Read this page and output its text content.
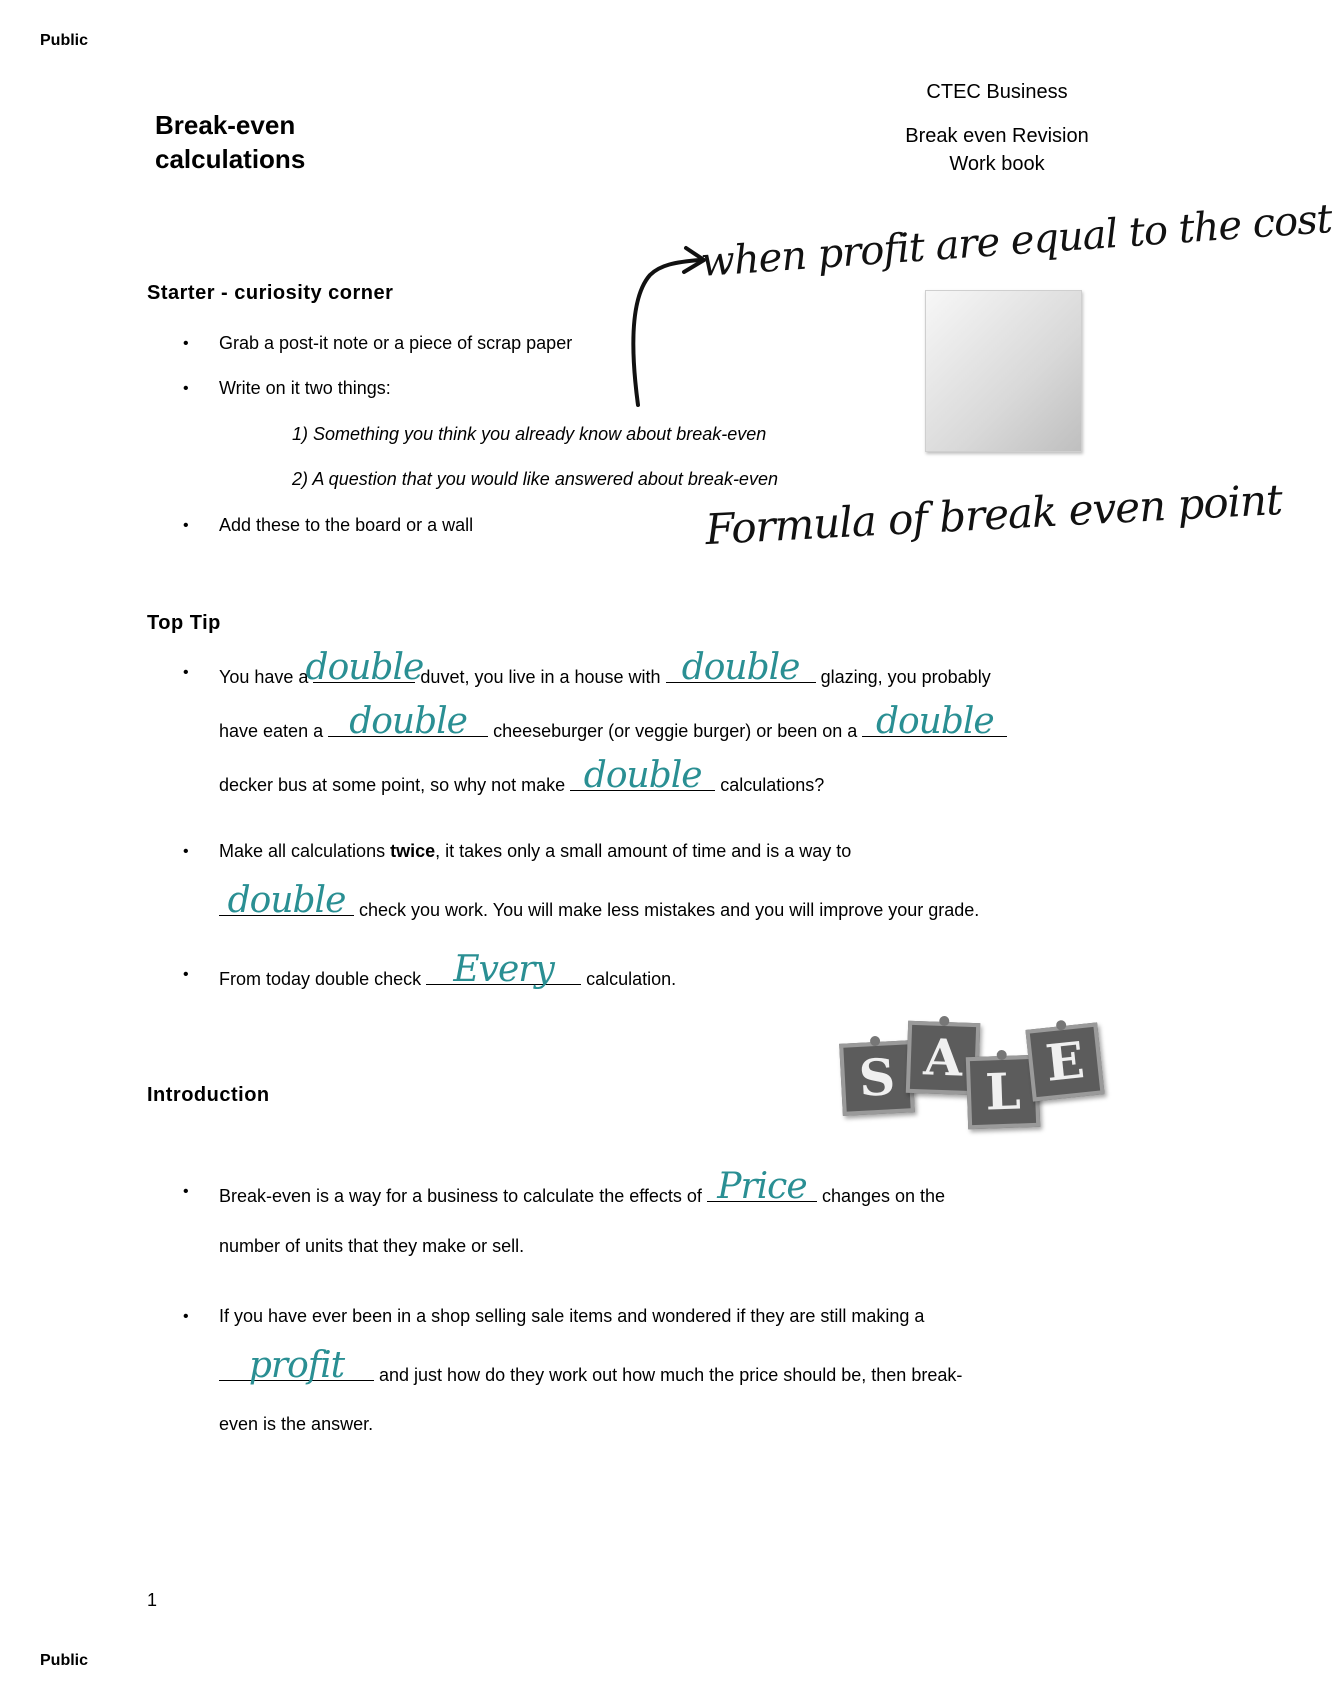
Public
Public
Break-even
calculations
CTEC Business
Break even Revision
Work book
when profit are equal to the cost
Formula of break even point
Starter - curiosity corner
• Grab a post-it note or a piece of scrap paper
• Write on it two things:
1) Something you think you already know about break-even
2) A question that you would like answered about break-even
• Add these to the board or a wall
Top Tip
• You have a
double
duvet, you live in a house with double glazing, you probably
have eaten a double cheeseburger (or veggie burger) or been on a double
decker bus at some point, so why not make double calculations?
• Make all calculations twice, it takes only a small amount of time and is a way to
double check you work. You will make less mistakes and you will improve your grade.
• From today double check Every calculation.
S A
L E
Introduction
• Break-even is a way for a business to calculate the effects of Price changes on the
number of units that they make or sell.
• If you have ever been in a shop selling sale items and wondered if they are still making a
profit and just how do they work out how much the price should be, then break-
even is the answer.
1
